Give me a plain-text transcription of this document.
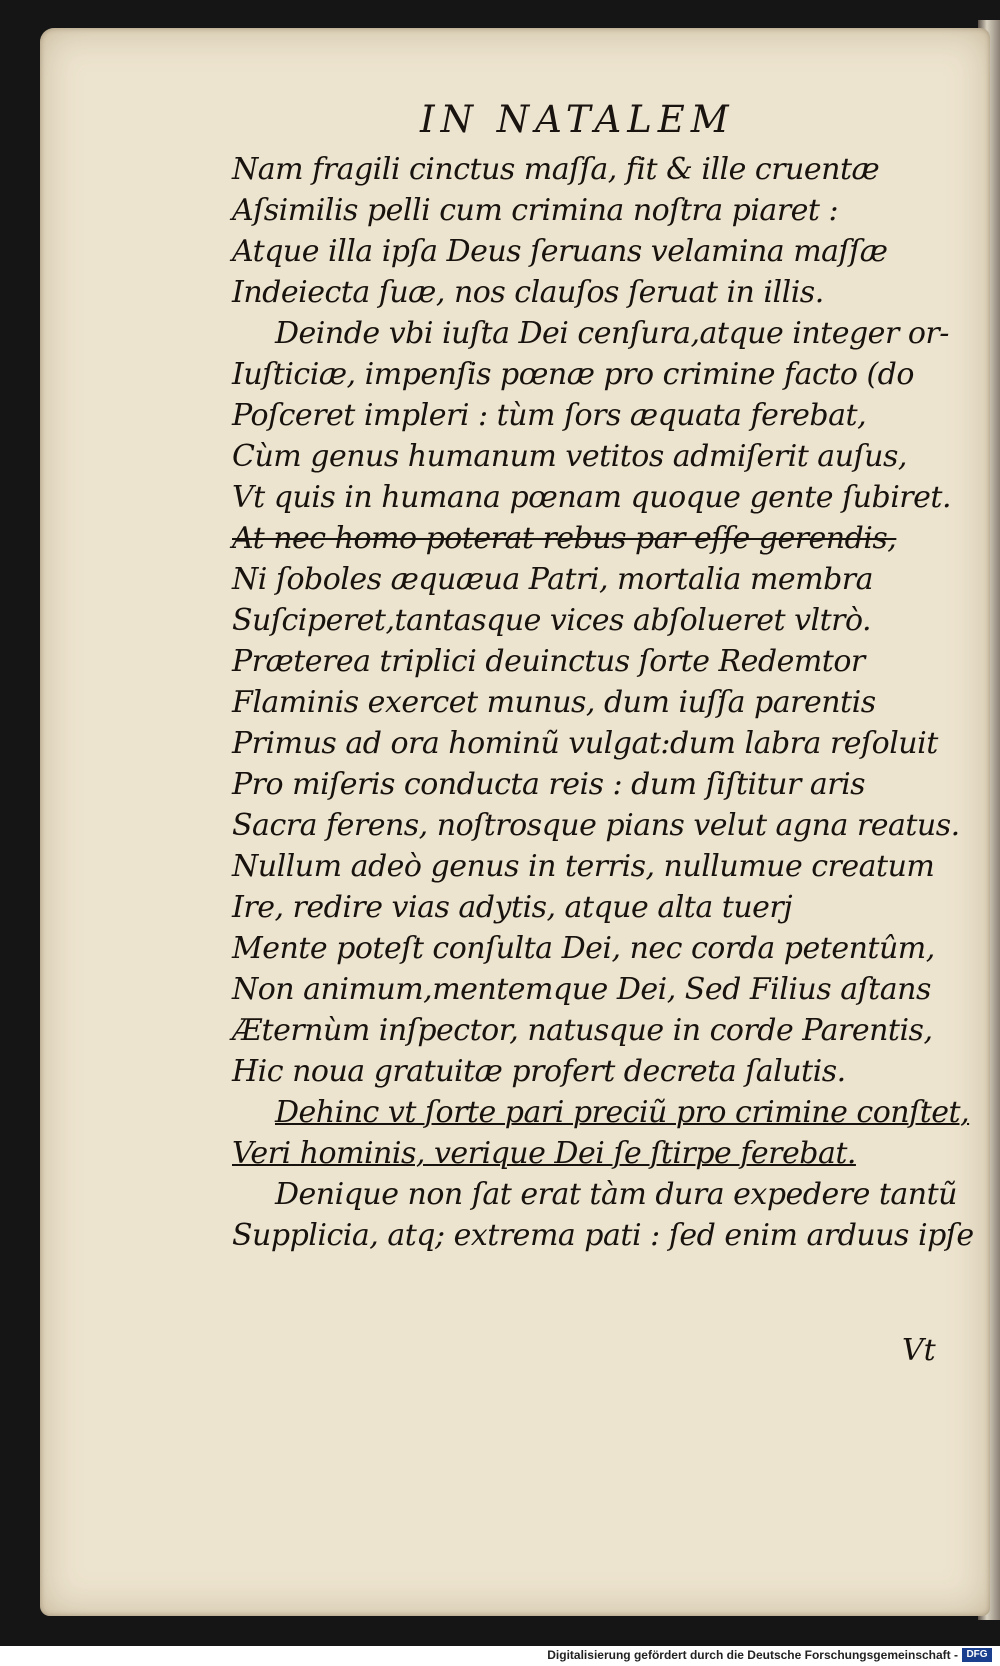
IN NATALEM
Nam fragili cinctus maſſa, fit & ille cruentæ
Aſsimilis pelli cum crimina noſtra piaret :
Atque illa ipſa Deus ſeruans velamina maſſæ
Indeiecta ſuæ, nos clauſos ſeruat in illis.
Deinde vbi iuſta Dei cenſura,atque integer or-
Iuſticiæ, impenſis pœnæ pro crimine facto (do
Poſceret impleri : tùm ſors æquata ferebat,
Cùm genus humanum vetitos admiſerit auſus,
Vt quis in humana pœnam quoque gente ſubiret.
At nec homo poterat rebus par eſſe gerendis,
Ni ſoboles æquæua Patri, mortalia membra
Suſciperet,tantasque vices abſolueret vltrò.
Præterea triplici deuinctus ſorte Redemtor
Flaminis exercet munus, dum iuſſa parentis
Primus ad ora hominũ vulgat:dum labra reſoluit
Pro miſeris conducta reis : dum ſiſtitur aris
Sacra ferens, noſtrosque pians velut agna reatus.
Nullum adeò genus in terris, nullumue creatum
Ire, redire vias adytis, atque alta tuerj
Mente poteſt conſulta Dei, nec corda petentûm,
Non animum,mentemque Dei, Sed Filius aſtans
Æternùm inſpector, natusque in corde Parentis,
Hic noua gratuitæ profert decreta ſalutis.
Dehinc vt ſorte pari preciũ pro crimine conſtet,
Veri hominis, verique Dei ſe ſtirpe ferebat.
Denique non ſat erat tàm dura expedere tantũ
Supplicia, atq; extrema pati : ſed enim arduus ipſe
Vt
Digitalisierung gefördert durch die Deutsche Forschungsgemeinschaft - DFG
